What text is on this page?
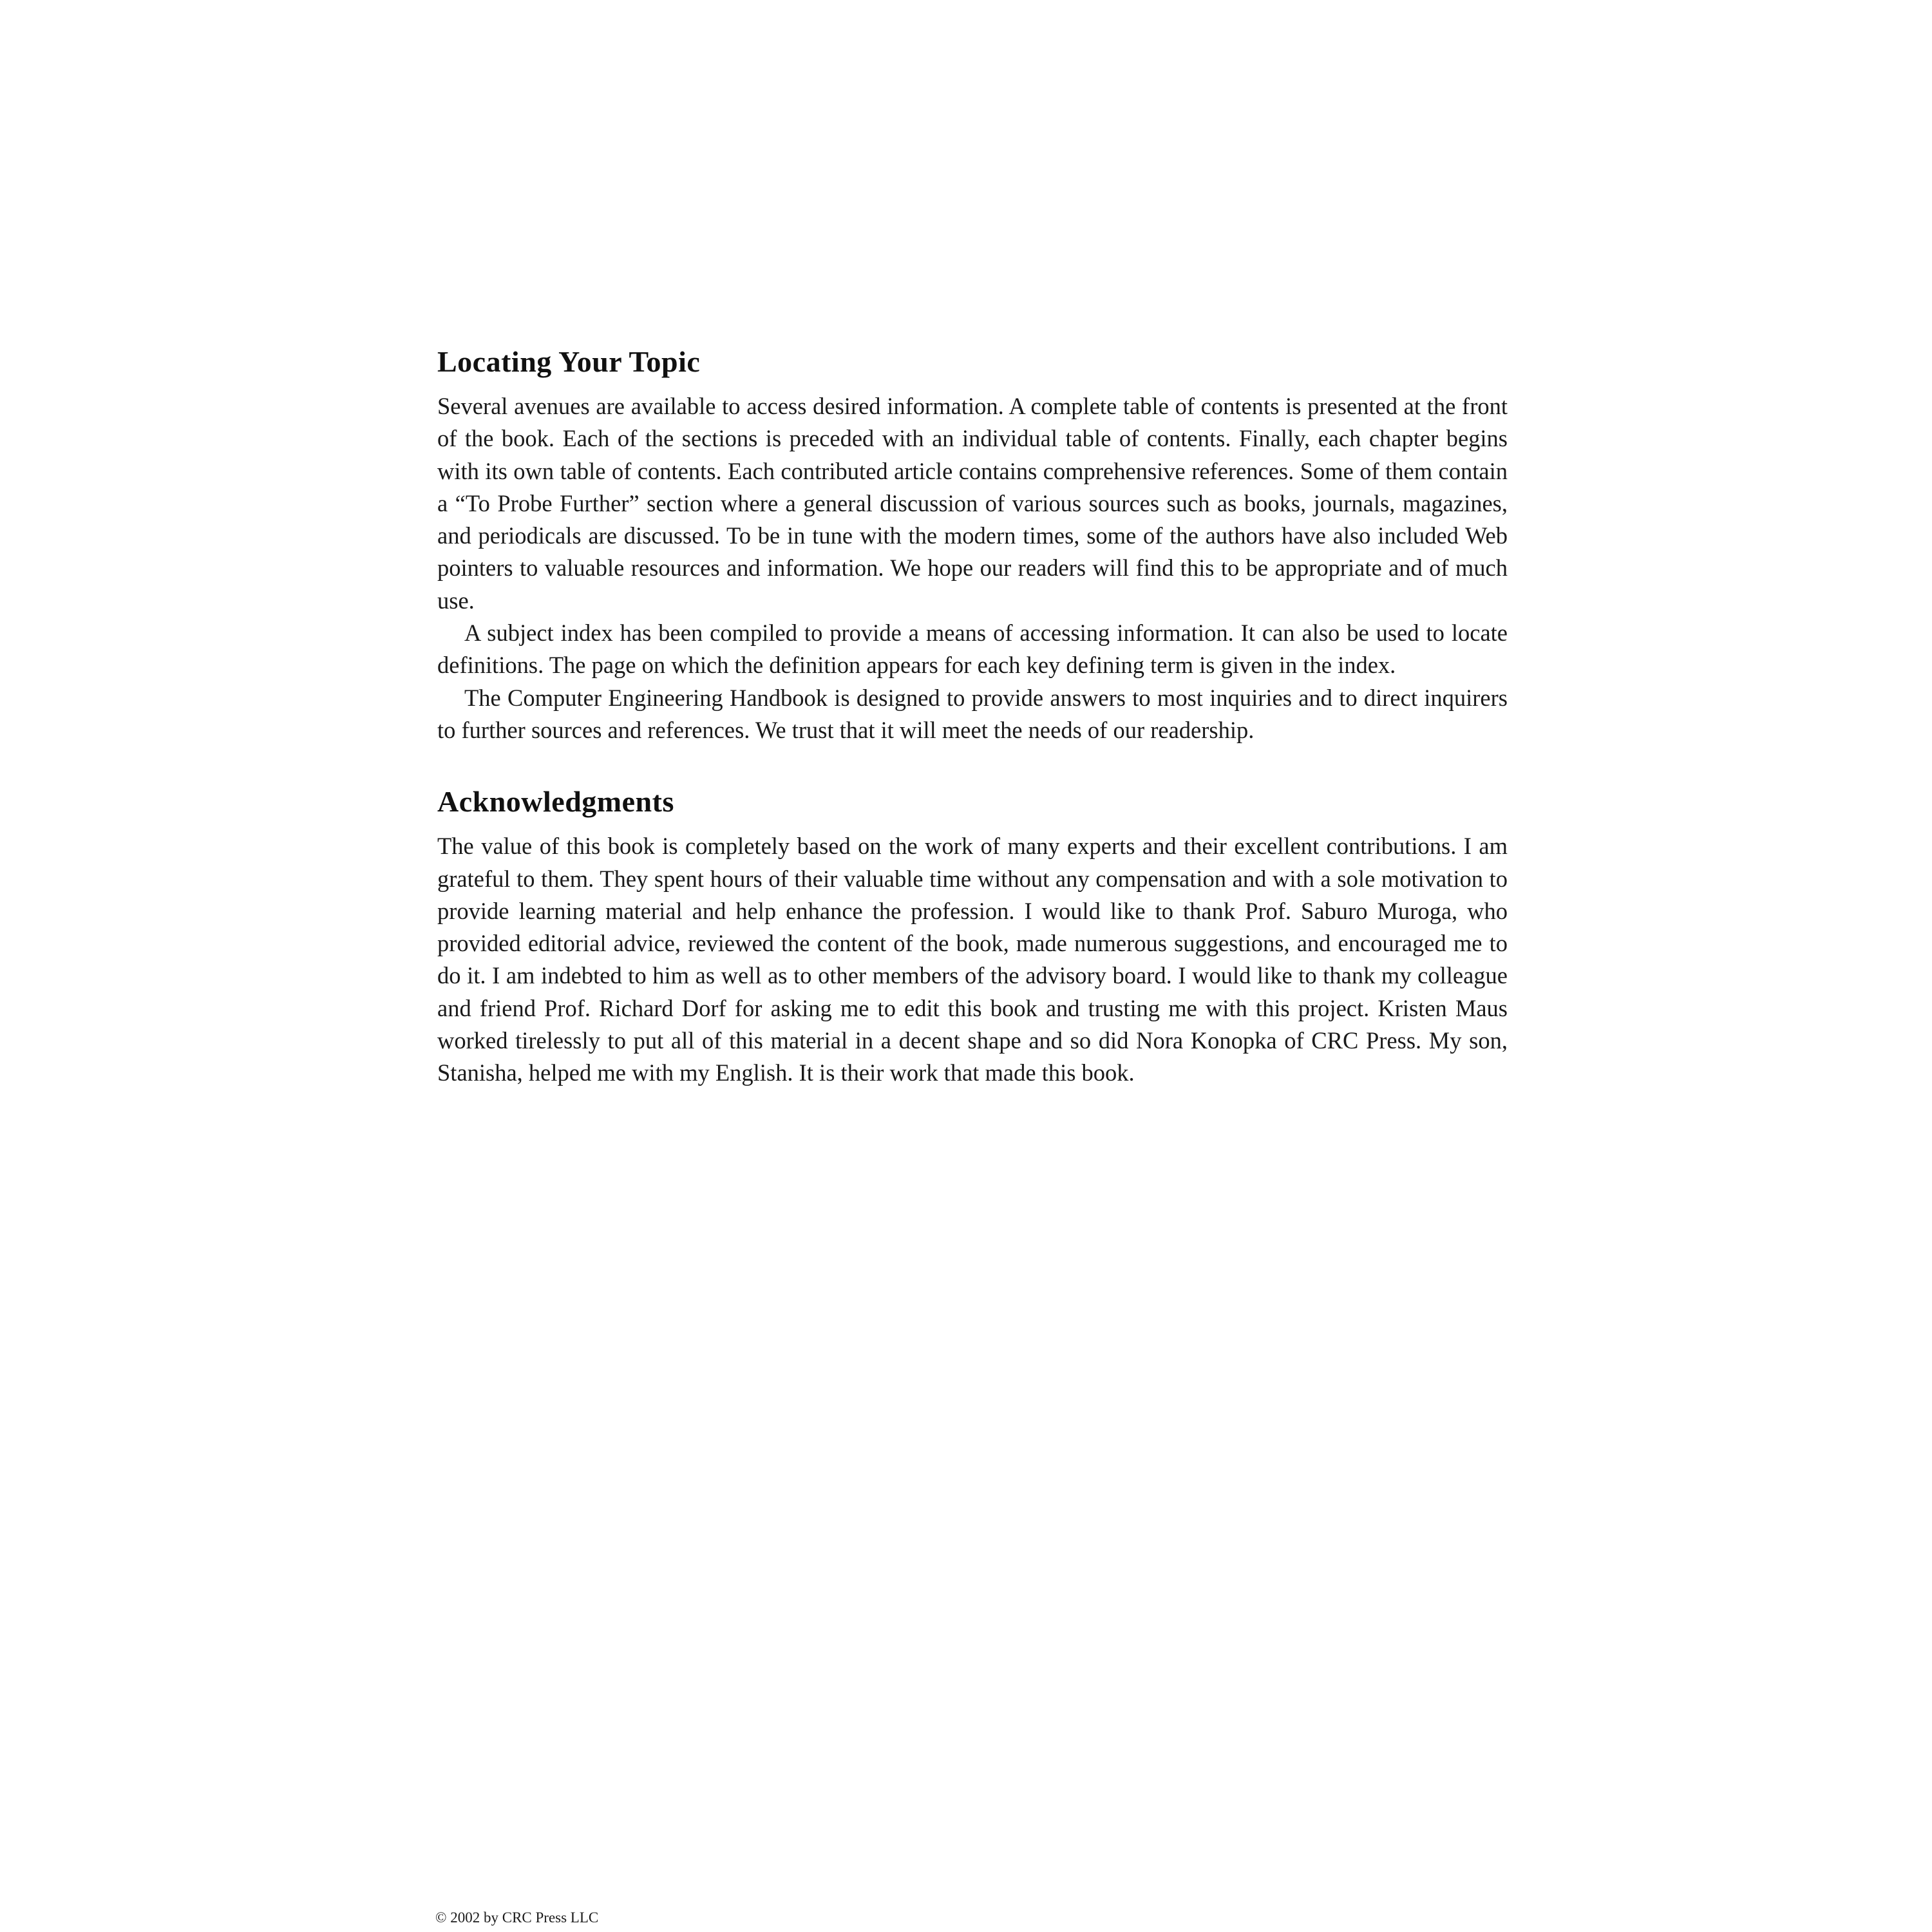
Locating Your Topic

Several avenues are available to access desired information. A complete table of contents is presented at the front of the book. Each of the sections is preceded with an individual table of contents. Finally, each chapter begins with its own table of contents. Each contributed article contains comprehensive references. Some of them contain a “To Probe Further” section where a general discussion of various sources such as books, journals, magazines, and periodicals are discussed. To be in tune with the modern times, some of the authors have also included Web pointers to valuable resources and information. We hope our readers will find this to be appropriate and of much use.

A subject index has been compiled to provide a means of accessing information. It can also be used to locate definitions. The page on which the definition appears for each key defining term is given in the index.

The Computer Engineering Handbook is designed to provide answers to most inquiries and to direct inquirers to further sources and references. We trust that it will meet the needs of our readership.

Acknowledgments

The value of this book is completely based on the work of many experts and their excellent contributions. I am grateful to them. They spent hours of their valuable time without any compensation and with a sole motivation to provide learning material and help enhance the profession. I would like to thank Prof. Saburo Muroga, who provided editorial advice, reviewed the content of the book, made numerous suggestions, and encouraged me to do it. I am indebted to him as well as to other members of the advisory board. I would like to thank my colleague and friend Prof. Richard Dorf for asking me to edit this book and trusting me with this project. Kristen Maus worked tirelessly to put all of this material in a decent shape and so did Nora Konopka of CRC Press. My son, Stanisha, helped me with my English. It is their work that made this book.

© 2002 by CRC Press LLC
